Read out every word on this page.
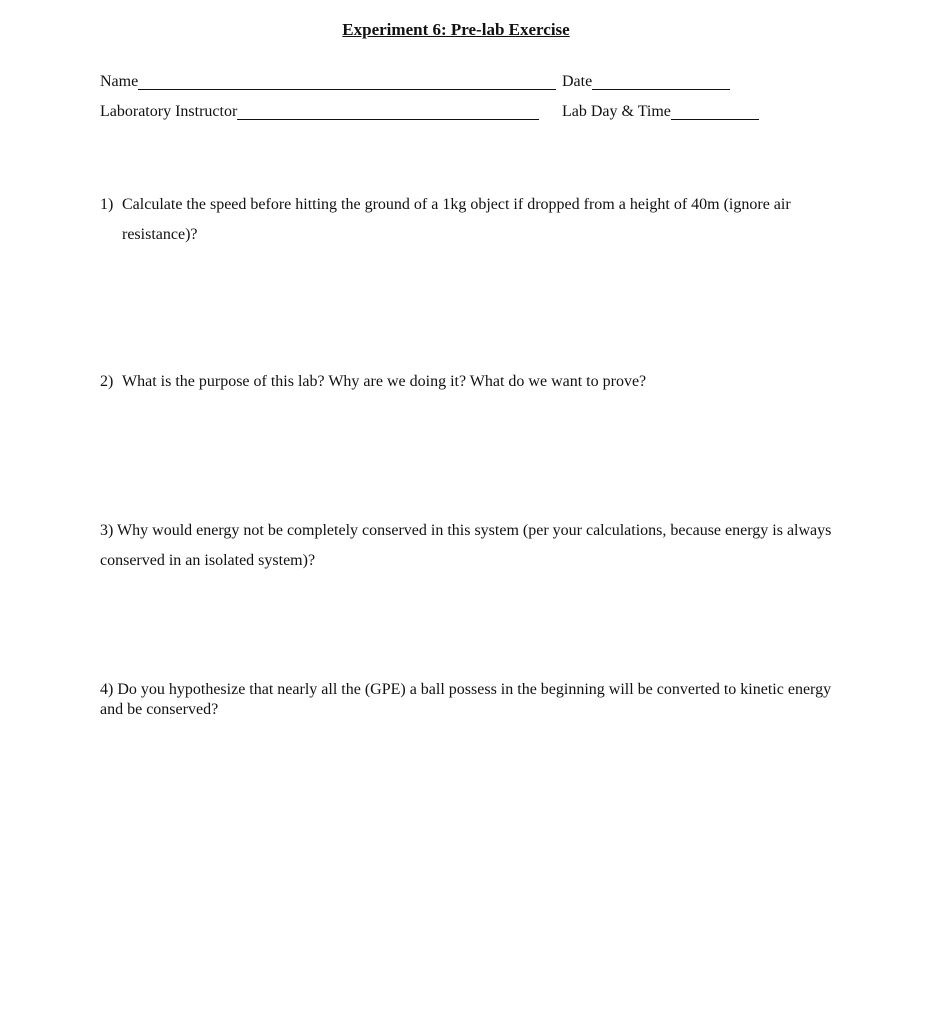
Experiment 6: Pre-lab Exercise
Name	Date
Laboratory Instructor	Lab Day & Time
1) Calculate the speed before hitting the ground of a 1kg object if dropped from a height of 40m (ignore air resistance)?
2) What is the purpose of this lab? Why are we doing it? What do we want to prove?
3) Why would energy not be completely conserved in this system (per your calculations, because energy is always conserved in an isolated system)?
4) Do you hypothesize that nearly all the (GPE) a ball possess in the beginning will be converted to kinetic energy and be conserved?
